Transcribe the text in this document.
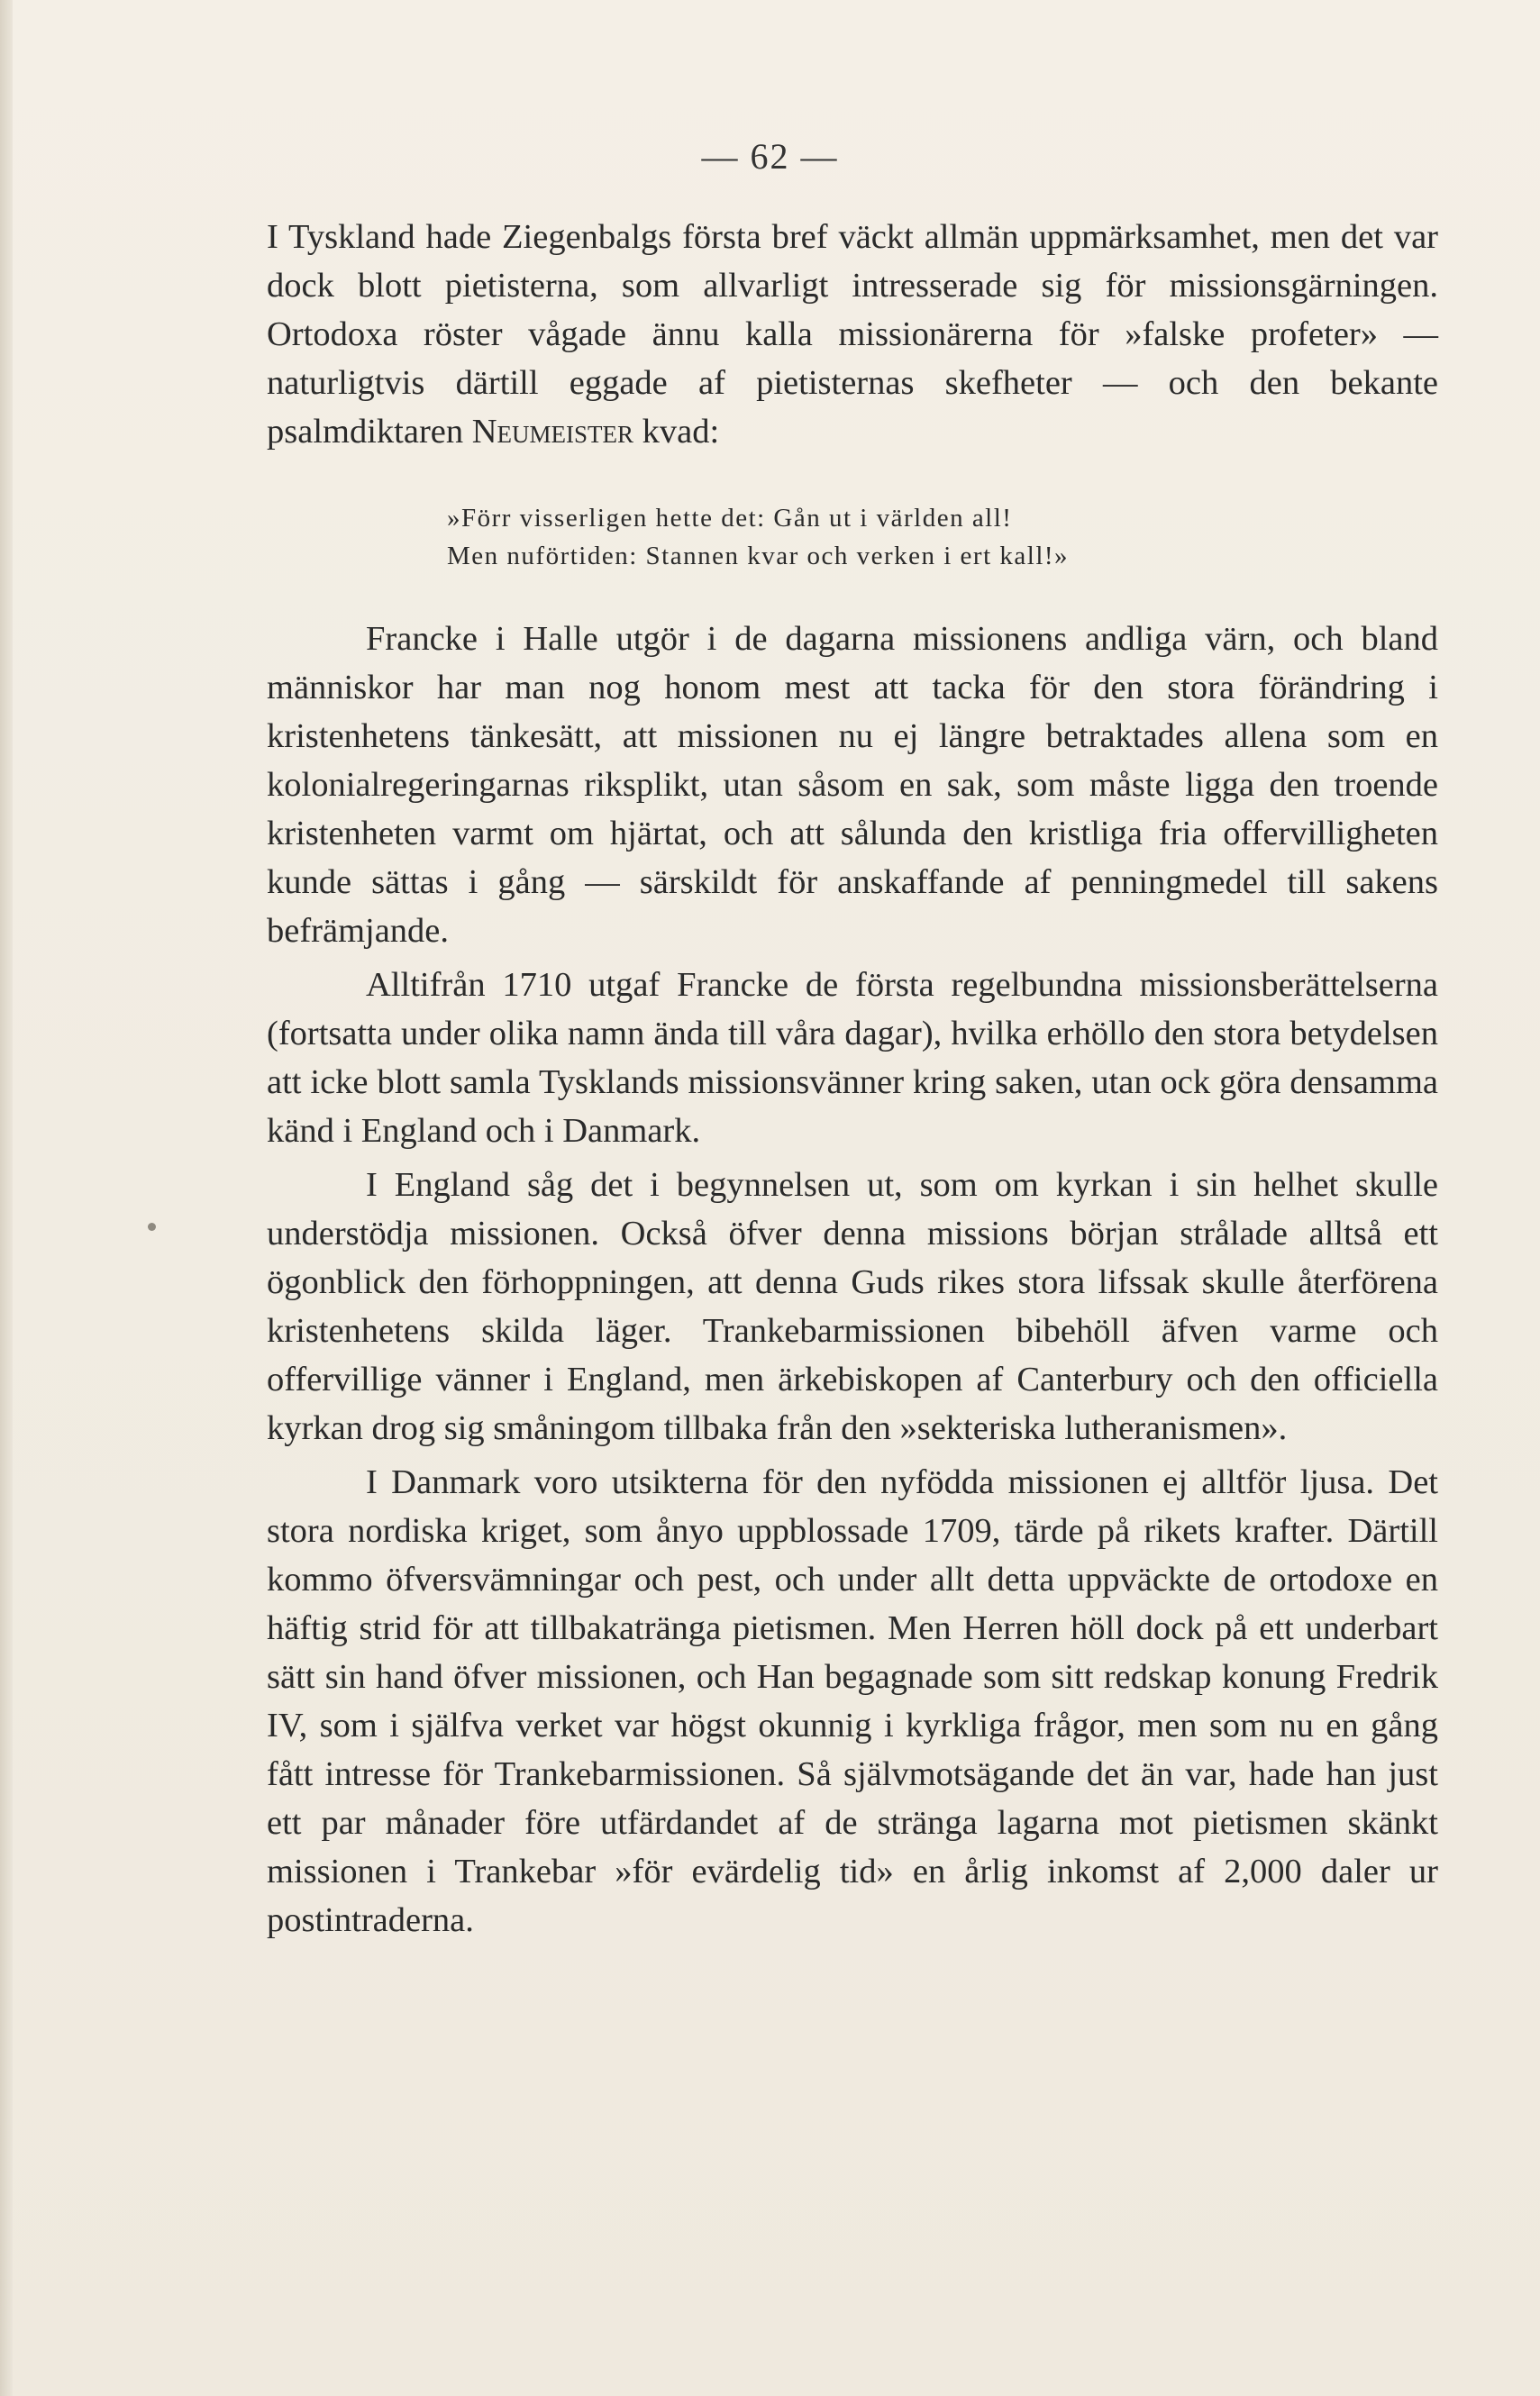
— 62 —

I Tyskland hade Ziegenbalgs första bref väckt allmän uppmärksamhet, men det var dock blott pietisterna, som allvarligt intresserade sig för missionsgärningen. Ortodoxa röster vågade ännu kalla missionärerna för »falske profeter» — naturligtvis därtill eggade af pietisternas skefheter — och den bekante psalmdiktaren Neumeister kvad:

»Förr visserligen hette det: Gån ut i världen all!
Men nuförtiden: Stannen kvar och verken i ert kall!»

Francke i Halle utgör i de dagarna missionens andliga värn, och bland människor har man nog honom mest att tacka för den stora förändring i kristenhetens tänkesätt, att missionen nu ej längre betraktades allena som en kolonialregeringarnas riksplikt, utan såsom en sak, som måste ligga den troende kristenheten varmt om hjärtat, och att sålunda den kristliga fria offervilligheten kunde sättas i gång — särskildt för anskaffande af penningmedel till sakens befrämjande.

Alltifrån 1710 utgaf Francke de första regelbundna missionsberättelserna (fortsatta under olika namn ända till våra dagar), hvilka erhöllo den stora betydelsen att icke blott samla Tysklands missionsvänner kring saken, utan ock göra densamma känd i England och i Danmark.

I England såg det i begynnelsen ut, som om kyrkan i sin helhet skulle understödja missionen. Också öfver denna missions början strålade alltså ett ögonblick den förhoppningen, att denna Guds rikes stora lifssak skulle återförena kristenhetens skilda läger. Trankebarmissionen bibehöll äfven varme och offervillige vänner i England, men ärkebiskopen af Canterbury och den officiella kyrkan drog sig småningom tillbaka från den »sekteriska lutheranismen».

I Danmark voro utsikterna för den nyfödda missionen ej alltför ljusa. Det stora nordiska kriget, som ånyo uppblossade 1709, tärde på rikets krafter. Därtill kommo öfversvämningar och pest, och under allt detta uppväckte de ortodoxe en häftig strid för att tillbakatränga pietismen. Men Herren höll dock på ett underbart sätt sin hand öfver missionen, och Han begagnade som sitt redskap konung Fredrik IV, som i själfva verket var högst okunnig i kyrkliga frågor, men som nu en gång fått intresse för Trankebarmissionen. Så självmotsägande det än var, hade han just ett par månader före utfärdandet af de stränga lagarna mot pietismen skänkt missionen i Trankebar »för evärdelig tid» en årlig inkomst af 2,000 daler ur postintraderna.
